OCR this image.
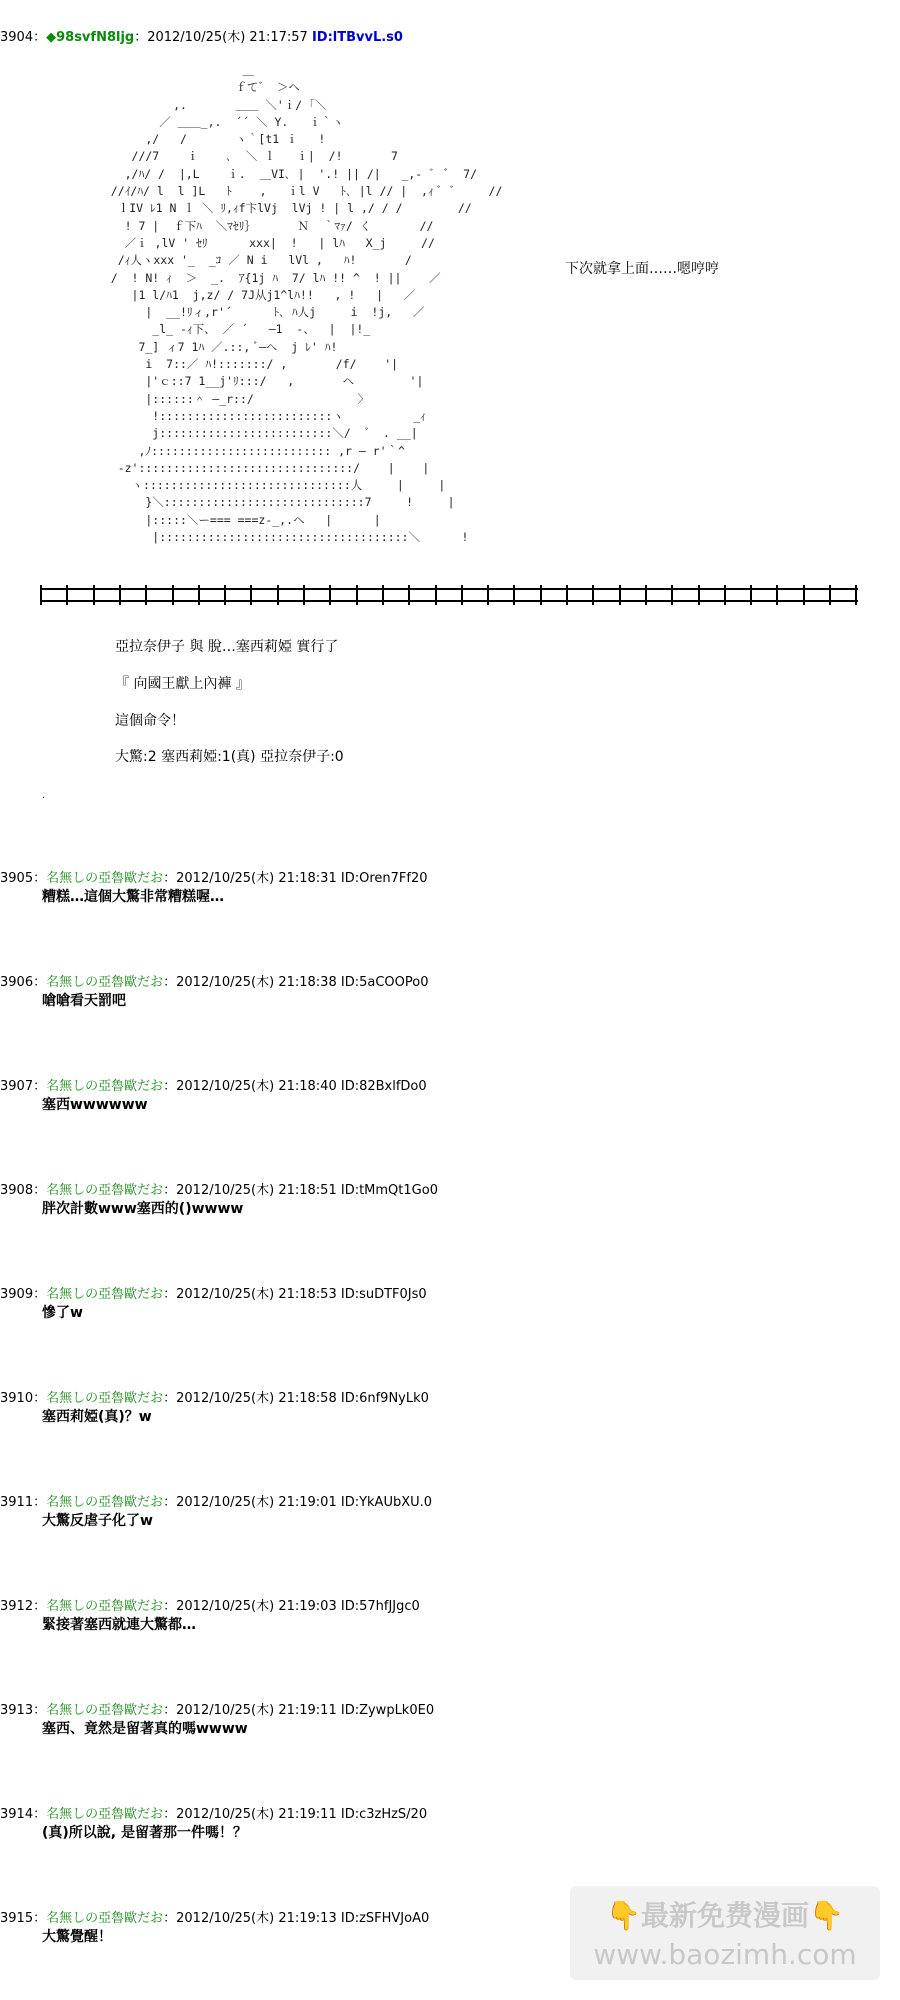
3904：◆98svfN8ljg：2012/10/25(木) 21:17:57 ID:lTBvvL.s0
＿
ｆて゛ ＞へ
,.       ＿＿ ＼'ｉ/ ｢＼
／ ＿＿_,.  ´´ ＼ Y.   ｉ｀ヽ
,/   /       ヽ｀[t1 ｉ   !
///7    ｉ    ､  ＼ ｌ   ｉ|  /!       7
,/ﾊ/ /  |,L    ｉ.  ＿VI､ |  '.! || /|   _,- ゛ ﾞ  7/
//ｲ/ﾊ/ l  l ]L   ﾄ    ,   ｉl V   ﾄ､ |l // |  ,ｨ ﾞ ゛    //
ｌIV ﾚ1 N ｌ ＼ ﾘ,ｨf卞lVj  lVj ! | l ,/ / /        //
! 7 |  ｆ下ﾊ  ＼ﾏｾﾘ｝      Ｎ  ｀ﾏｧ/ く       //
／ｉ ,lV ' ｾﾘ      xxx|  !   | lﾊ   X_j     //
/ｨ人ヽxxx '_  _ｺ ／ N i   lVl ,   ﾊ!       /
/  ! N! ｨ  ＞  _.  ｱ{1j ﾊ  7/ lﾊ !! ^  ! ||    ／
|1 l/ﾊ1  j,z/ / 7J从j1^lﾊ!!   , !   |   ／
|  __!ﾘィ,r'´      ﾄ､ ﾊ人j     i  !j,   ／
_l_ -ｨ下、 ／ ´   ―1  -、  |  |!_
7_] ィ7 1ﾊ ／.::, ﾞ―へ  j ﾚ' ﾊ!
i  7::／ ﾊ!:::::::/ ,       /f/    '|
|'ｃ::7 1__j'ﾘ:::/   ,       ヘ        '|
|::::::＾ ―_r::/               〉
!:::::::::::::::::::::::::ヽ          _ｨ
j:::::::::::::::::::::::::＼/  ゛ . __|
,ﾉ:::::::::::::::::::::::::: ,r ― r'｀^
-z':::::::::::::::::::::::::::::::/    |    |
ヽ::::::::::::::::::::::::::::::人     |     |
}＼:::::::::::::::::::::::::::::7     !     |
|:::::＼ー=== ===z-_,.ヘ   |      |
|::::::::::::::::::::::::::::::::::::＼      !
下次就拿上面……嗯哼哼
亞拉奈伊子 與 脫…塞西莉婭 實行了
『 向國王獻上內褲 』
這個命令！
大驚:2 塞西莉婭:1(真) 亞拉奈伊子:0
.
3905：名無しの亞魯歐だお：2012/10/25(木) 21:18:31 ID:Oren7Ff20
糟糕…這個大驚非常糟糕喔…
3906：名無しの亞魯歐だお：2012/10/25(木) 21:18:38 ID:5aCOOPo0
嗆嗆看天罰吧
3907：名無しの亞魯歐だお：2012/10/25(木) 21:18:40 ID:82BxlfDo0
塞西wwwwww
3908：名無しの亞魯歐だお：2012/10/25(木) 21:18:51 ID:tMmQt1Go0
胖次計數www塞西的()wwww
3909：名無しの亞魯歐だお：2012/10/25(木) 21:18:53 ID:suDTF0Js0
慘了w
3910：名無しの亞魯歐だお：2012/10/25(木) 21:18:58 ID:6nf9NyLk0
塞西莉婭(真)？w
3911：名無しの亞魯歐だお：2012/10/25(木) 21:19:01 ID:YkAUbXU.0
大驚反虐子化了w
3912：名無しの亞魯歐だお：2012/10/25(木) 21:19:03 ID:57hfJJgc0
緊接著塞西就連大驚都…
3913：名無しの亞魯歐だお：2012/10/25(木) 21:19:11 ID:ZywpLk0E0
塞西、竟然是留著真的嗎wwww
3914：名無しの亞魯歐だお：2012/10/25(木) 21:19:11 ID:c3zHzS/20
(真)所以說, 是留著那一件嗎！？
3915：名無しの亞魯歐だお：2012/10/25(木) 21:19:13 ID:zSFHVJoA0
大驚覺醒！
👇最新免费漫画👇
www.baozimh.com
